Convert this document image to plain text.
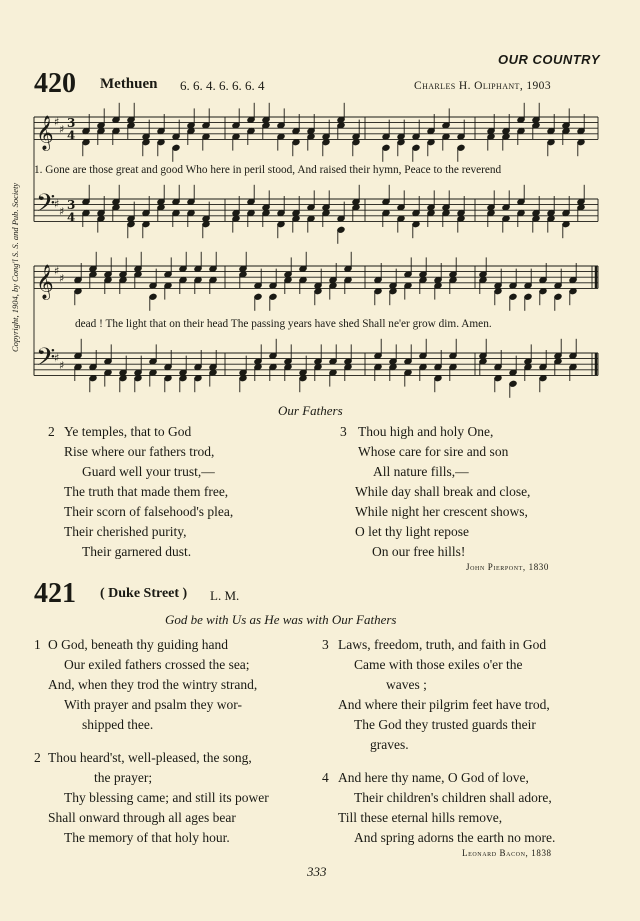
OUR COUNTRY
420 Methuen 6. 6. 4. 6. 6. 6. 4	Charles H. Oliphant, 1903
Copyright, 1904, by Cong'l S. S. and Pub. Society
𝄞 ♯
♯ 3
4
𝄢
♯
♯ 3
4
𝄞 ♯
♯
𝄢
♯
♯
1. Gone are those great and good Who here in peril stood, And raised their hymn, Peace to the reverend
dead ! The light that on their head The passing years have shed Shall ne'er grow dim. Amen.
Our Fathers
2 Ye temples, that to God
Rise where our fathers trod,
Guard well your trust,—
The truth that made them free,
Their scorn of falsehood's plea,
Their cherished purity,
Their garnered dust.
3 Thou high and holy One,
Whose care for sire and son
All nature fills,—
While day shall break and close,
While night her crescent shows,
O let thy light repose
On our free hills!
John Pierpont, 1830
421 ( Duke Street ) L. M.
God be with Us as He was with Our Fathers
1 O God, beneath thy guiding hand
Our exiled fathers crossed the sea;
And, when they trod the wintry strand,
With prayer and psalm they wor-
shipped thee.
2 Thou heard'st, well-pleased, the song,
the prayer;
Thy blessing came; and still its power
Shall onward through all ages bear
The memory of that holy hour.
3 Laws, freedom, truth, and faith in God
Came with those exiles o'er the
waves ;
And where their pilgrim feet have trod,
The God they trusted guards their
graves.
4 And here thy name, O God of love,
Their children's children shall adore,
Till these eternal hills remove,
And spring adorns the earth no more.
Leonard Bacon, 1838
333
